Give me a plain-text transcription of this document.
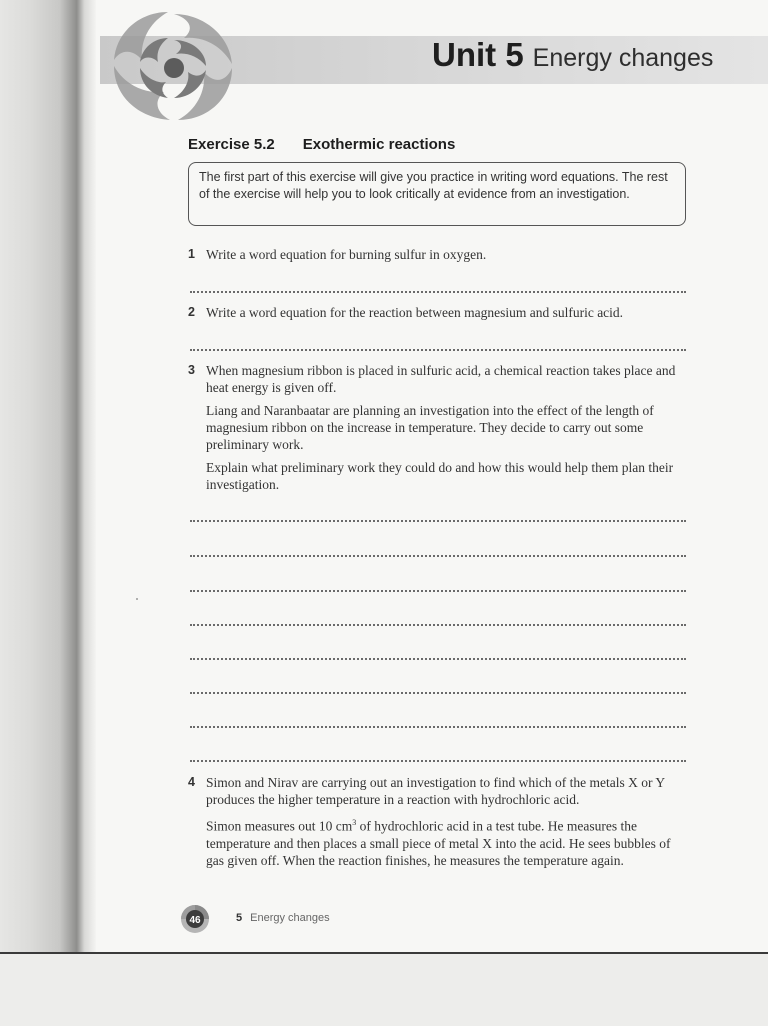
Unit 5 Energy changes
Exercise 5.2 Exothermic reactions
The first part of this exercise will give you practice in writing word equations. The rest of the exercise will help you to look critically at evidence from an investigation.
1 Write a word equation for burning sulfur in oxygen.
2 Write a word equation for the reaction between magnesium and sulfuric acid.
3 When magnesium ribbon is placed in sulfuric acid, a chemical reaction takes place and heat energy is given off.
Liang and Naranbaatar are planning an investigation into the effect of the length of magnesium ribbon on the increase in temperature. They decide to carry out some preliminary work.
Explain what preliminary work they could do and how this would help them plan their investigation.
4 Simon and Nirav are carrying out an investigation to find which of the metals X or Y produces the higher temperature in a reaction with hydrochloric acid.
Simon measures out 10 $cm^3$ of hydrochloric acid in a test tube. He measures the temperature and then places a small piece of metal X into the acid. He sees bubbles of gas given off. When the reaction finishes, he measures the temperature again.
46	5 Energy changes
